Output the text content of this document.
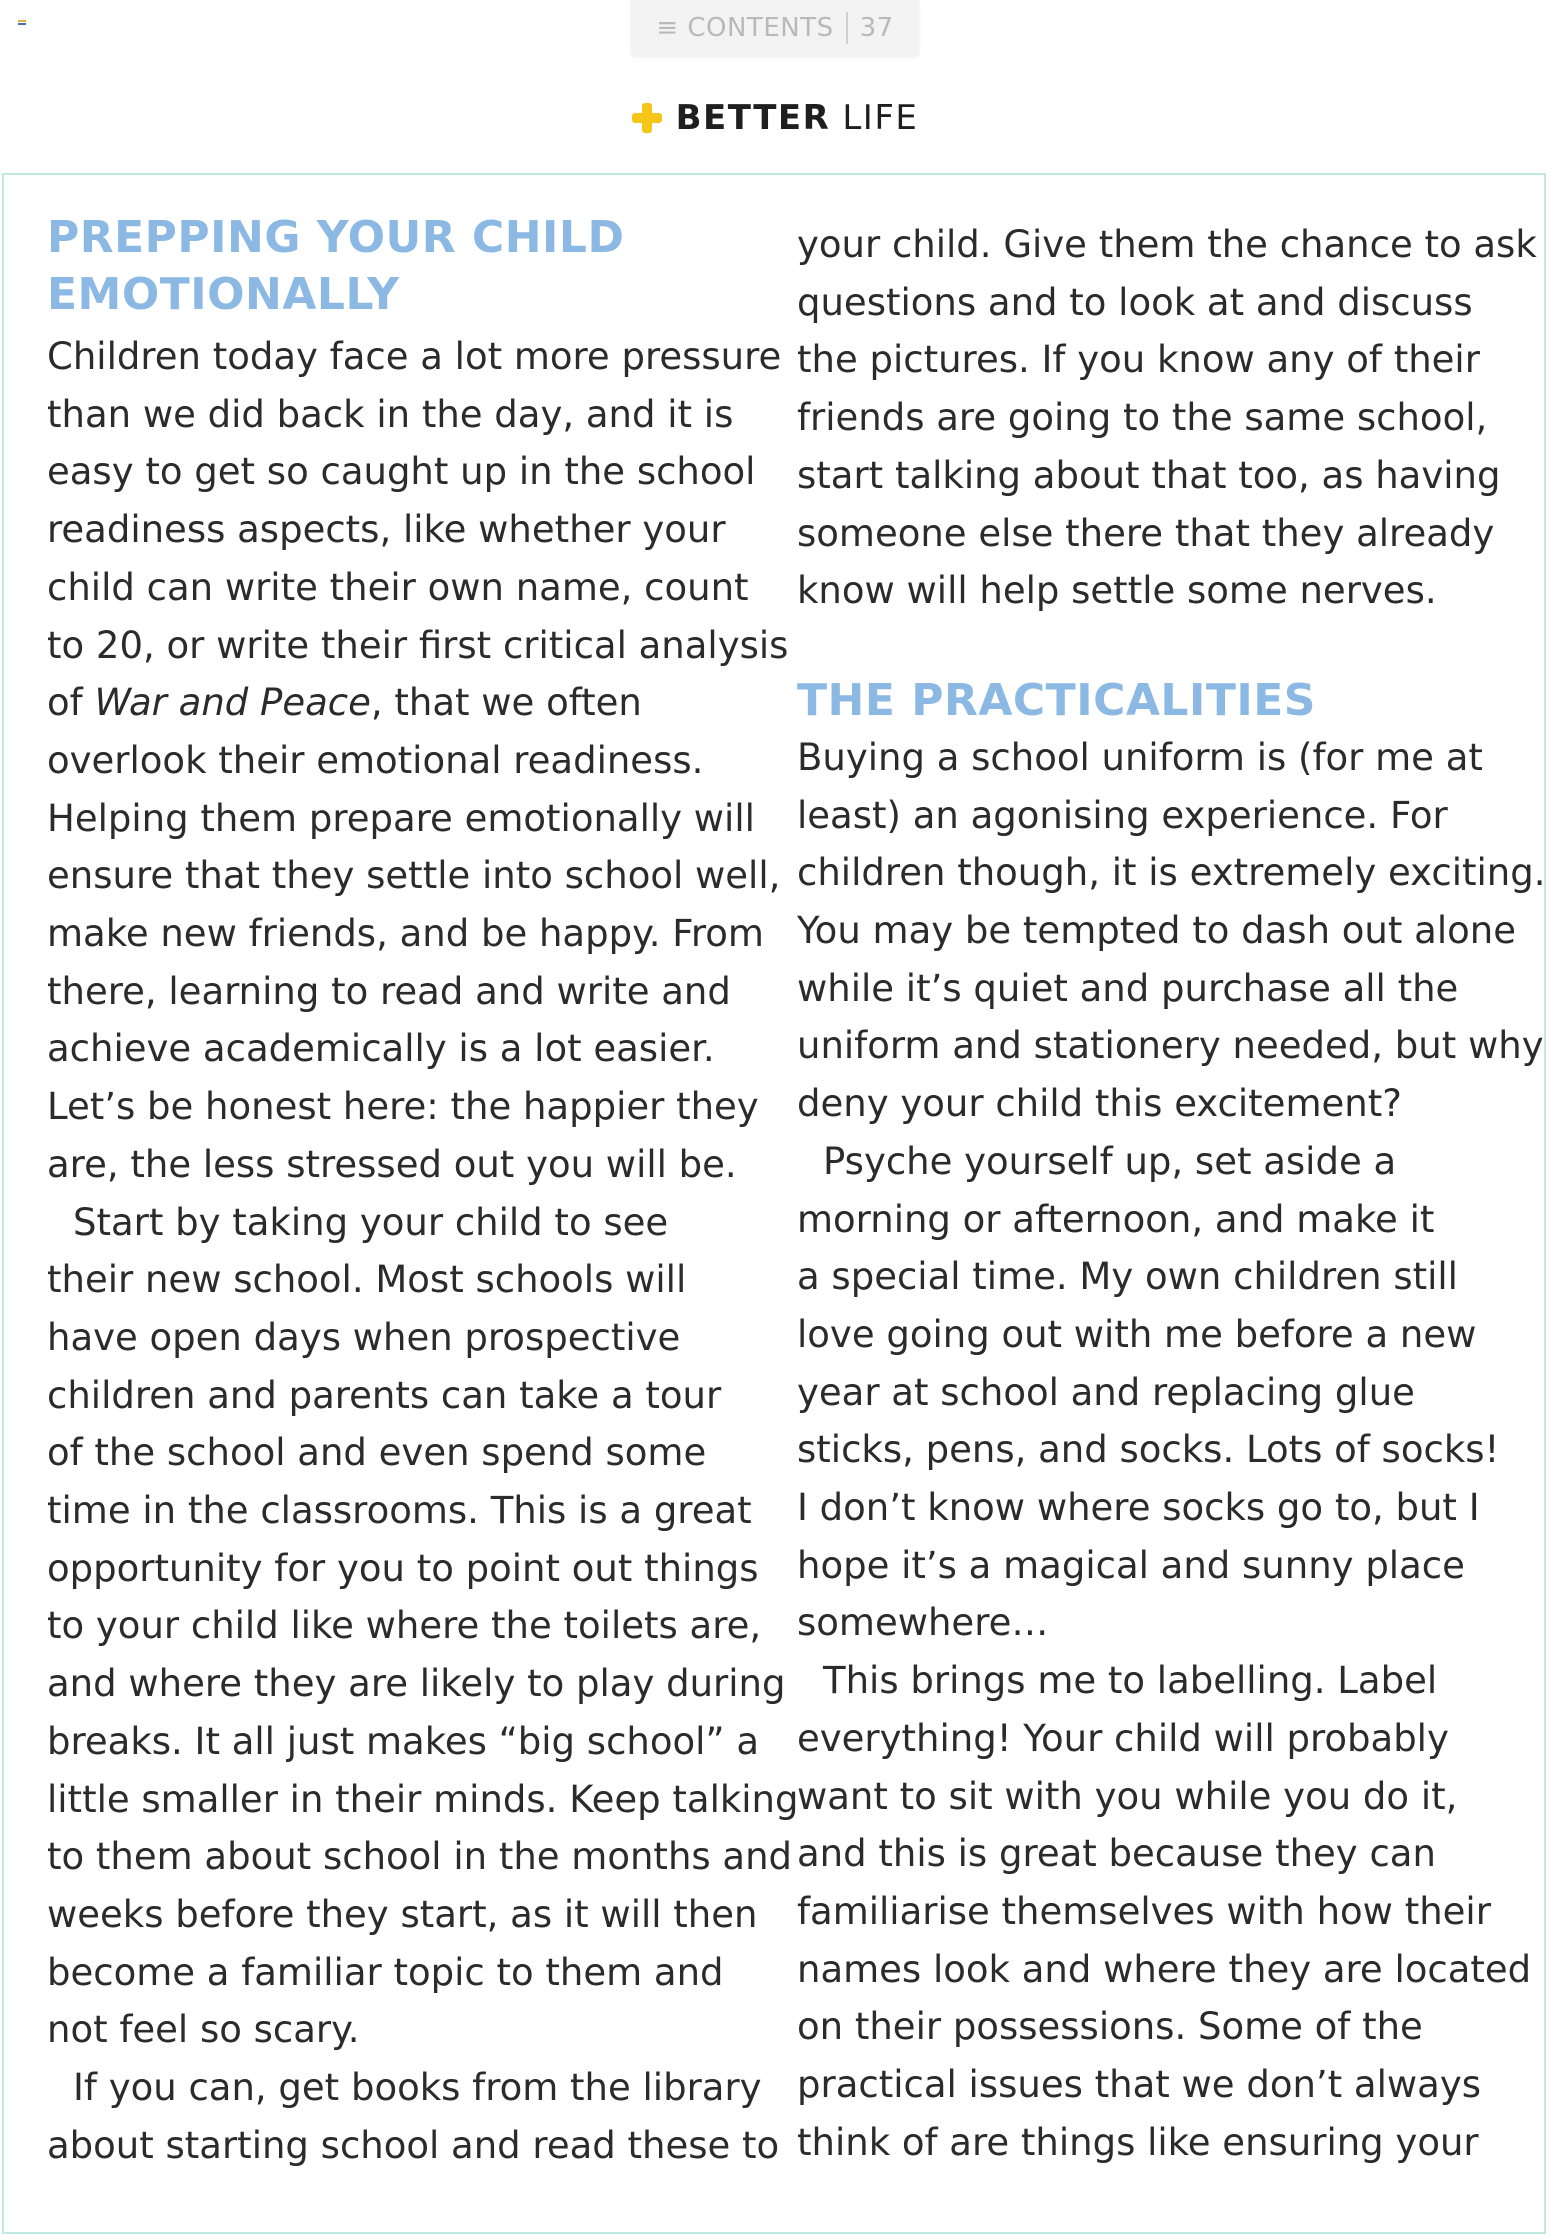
≡ CONTENTS 37
BETTER LIFE
PREPPING YOUR CHILD
EMOTIONALLY

Children today face a lot more pressure
than we did back in the day, and it is
easy to get so caught up in the school
readiness aspects, like whether your
child can write their own name, count
to 20, or write their first critical analysis
of War and Peace, that we often
overlook their emotional readiness.
Helping them prepare emotionally will
ensure that they settle into school well,
make new friends, and be happy. From
there, learning to read and write and
achieve academically is a lot easier.
Let’s be honest here: the happier they
are, the less stressed out you will be.

Start by taking your child to see
their new school. Most schools will
have open days when prospective
children and parents can take a tour
of the school and even spend some
time in the classrooms. This is a great
opportunity for you to point out things
to your child like where the toilets are,
and where they are likely to play during
breaks. It all just makes “big school” a
little smaller in their minds. Keep talking
to them about school in the months and
weeks before they start, as it will then
become a familiar topic to them and
not feel so scary.

If you can, get books from the library
about starting school and read these to

your child. Give them the chance to ask
questions and to look at and discuss
the pictures. If you know any of their
friends are going to the same school,
start talking about that too, as having
someone else there that they already
know will help settle some nerves.

THE PRACTICALITIES

Buying a school uniform is (for me at
least) an agonising experience. For
children though, it is extremely exciting.
You may be tempted to dash out alone
while it’s quiet and purchase all the
uniform and stationery needed, but why
deny your child this excitement?

Psyche yourself up, set aside a
morning or afternoon, and make it
a special time. My own children still
love going out with me before a new
year at school and replacing glue
sticks, pens, and socks. Lots of socks!
I don’t know where socks go to, but I
hope it’s a magical and sunny place
somewhere…

This brings me to labelling. Label
everything! Your child will probably
want to sit with you while you do it,
and this is great because they can
familiarise themselves with how their
names look and where they are located
on their possessions. Some of the
practical issues that we don’t always
think of are things like ensuring your
